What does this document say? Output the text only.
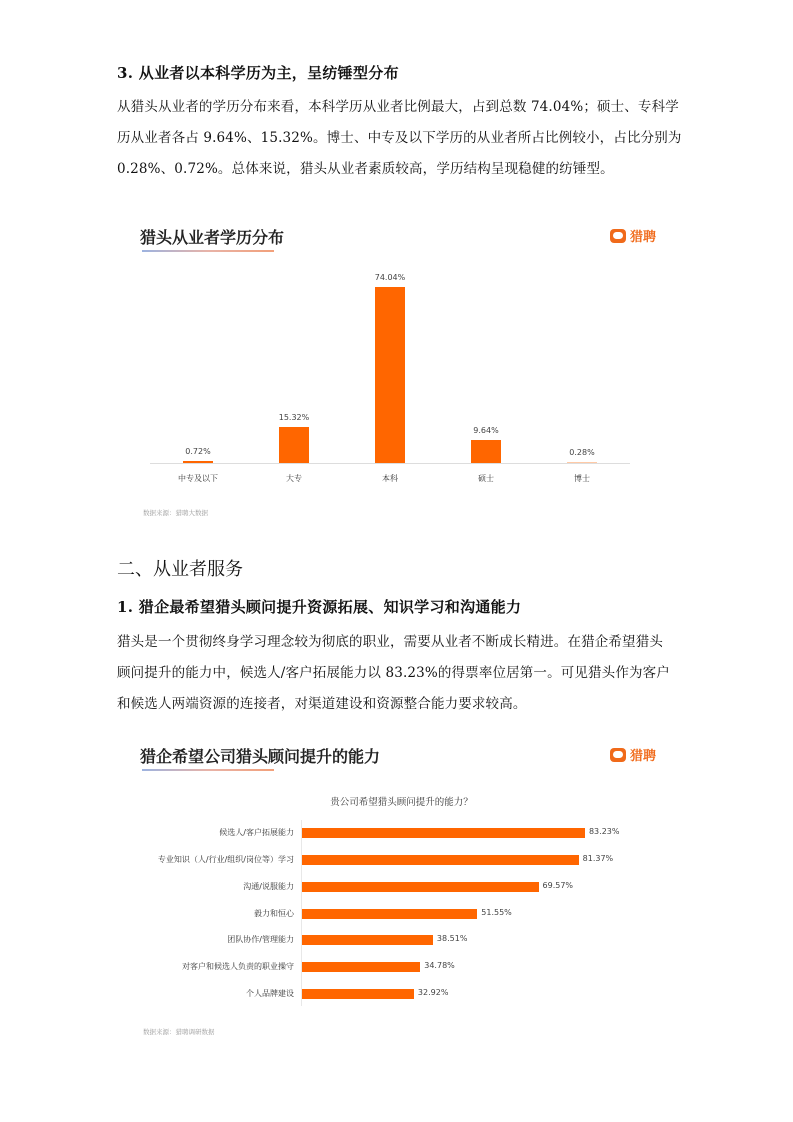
3. 从业者以本科学历为主，呈纺锤型分布
从猎头从业者的学历分布来看，本科学历从业者比例最大，占到总数 74.04%；硕士、专科学
历从业者各占 9.64%、15.32%。博士、中专及以下学历的从业者所占比例较小，占比分别为
0.28%、0.72%。总体来说，猎头从业者素质较高，学历结构呈现稳健的纺锤型。
猎头从业者学历分布	猎聘
0.72%
中专及以下
15.32%
大专
74.04%
本科
9.64%
硕士
0.28%
博士
数据来源：猎聘大数据
二、从业者服务
1. 猎企最希望猎头顾问提升资源拓展、知识学习和沟通能力
猎头是一个贯彻终身学习理念较为彻底的职业，需要从业者不断成长精进。在猎企希望猎头
顾问提升的能力中，候选人/客户拓展能力以 83.23%的得票率位居第一。可见猎头作为客户
和候选人两端资源的连接者，对渠道建设和资源整合能力要求较高。
猎企希望公司猎头顾问提升的能力	猎聘
贵公司希望猎头顾问提升的能力？
83.23%
候选人/客户拓展能力
81.37%
专业知识（人/行业/组织/岗位等）学习
69.57%
沟通/说服能力
51.55%
毅力和恒心
38.51%
团队协作/管理能力
34.78%
对客户和候选人负责的职业操守
32.92%
个人品牌建设
数据来源：猎聘调研数据
